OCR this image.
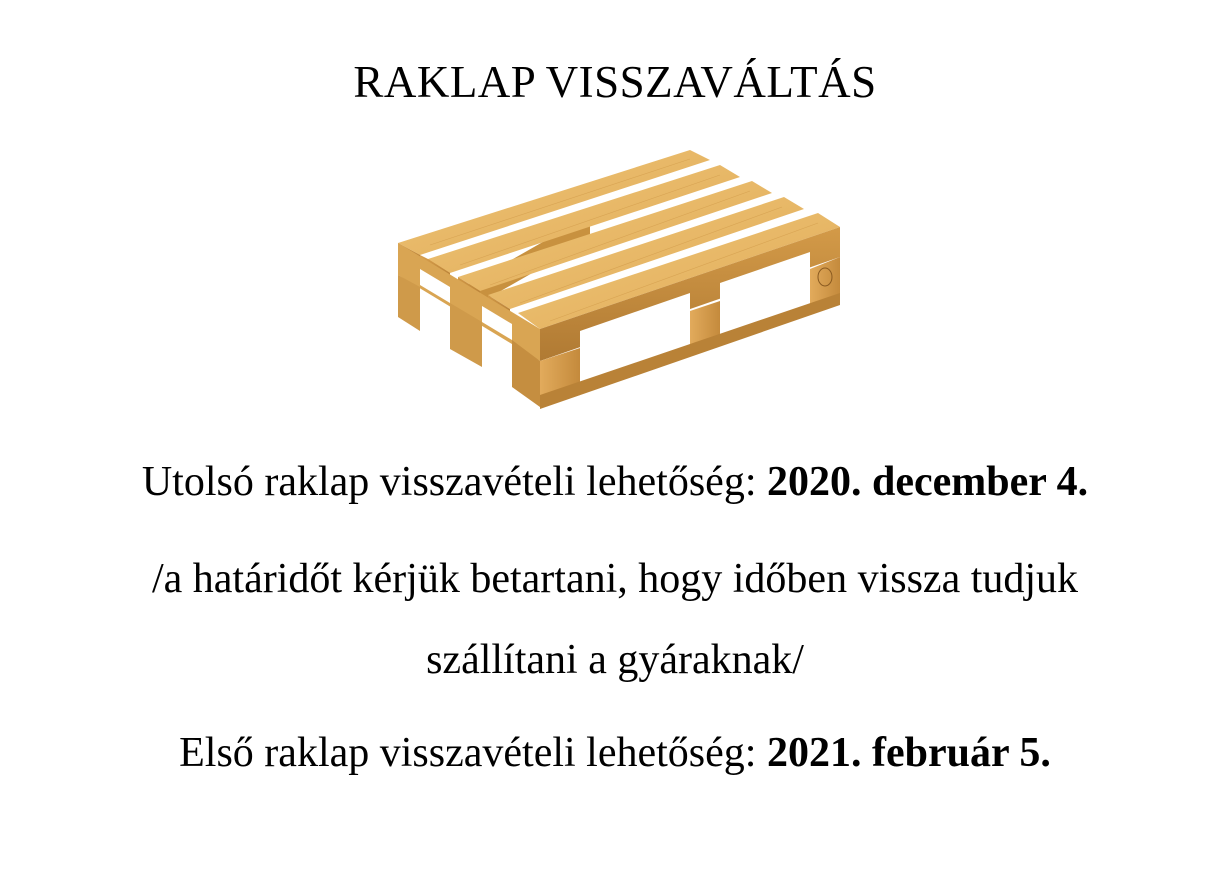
RAKLAP VISSZAVÁLTÁS
Utolsó raklap visszavételi lehetőség: 2020. december 4.
/a határidőt kérjük betartani, hogy időben vissza tudjuk
szállítani a gyáraknak/
Első raklap visszavételi lehetőség: 2021. február 5.
